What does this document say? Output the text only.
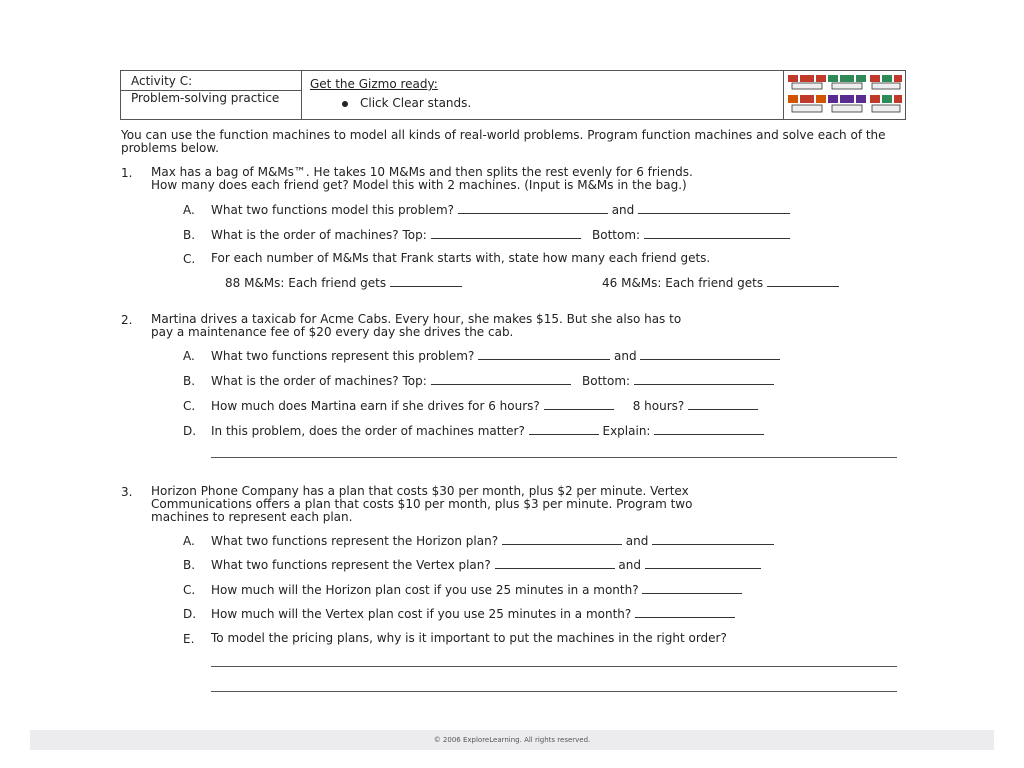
Activity C:
Problem-solving practice
Get the Gizmo ready:
Click Clear stands.
You can use the function machines to model all kinds of real-world problems. Program function machines and solve each of the problems below.
1. Max has a bag of M&Ms™. He takes 10 M&Ms and then splits the rest evenly for 6 friends.
How many does each friend get? Model this with 2 machines. (Input is M&Ms in the bag.)
A. What two functions model this problem?	and
B. What is the order of machines? Top:	Bottom:
C. For each number of M&Ms that Frank starts with, state how many each friend gets.
88 M&Ms: Each friend gets	46 M&Ms: Each friend gets
2. Martina drives a taxicab for Acme Cabs. Every hour, she makes $15. But she also has to
pay a maintenance fee of $20 every day she drives the cab.
A. What two functions represent this problem?	and
B. What is the order of machines? Top:	Bottom:
C. How much does Martina earn if she drives for 6 hours?	8 hours?
D. In this problem, does the order of machines matter?	Explain:
3. Horizon Phone Company has a plan that costs $30 per month, plus $2 per minute. Vertex
Communications offers a plan that costs $10 per month, plus $3 per minute. Program two
machines to represent each plan.
A. What two functions represent the Horizon plan?	and
B. What two functions represent the Vertex plan?	and
C. How much will the Horizon plan cost if you use 25 minutes in a month?
D. How much will the Vertex plan cost if you use 25 minutes in a month?
E. To model the pricing plans, why is it important to put the machines in the right order?
© 2006 ExploreLearning. All rights reserved.
